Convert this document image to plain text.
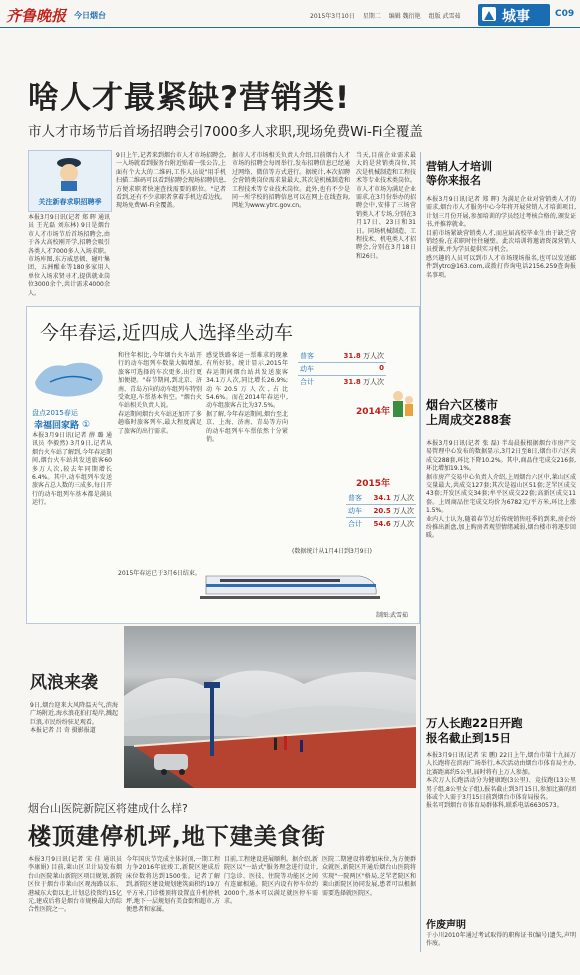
齐鲁晚报 今日烟台	2015年3月10日 星期二 编辑 魏衍艳 组版 武雪茹	城事	C09
啥人才最紧缺?营销类!
市人才市场节后首场招聘会引7000多人求职,现场免费Wi-Fi全覆盖
关注新春求职招聘季
本报3月9日讯(记者 郑 晖 通讯员 王光磊 刘东林) 9日是烟台市人才市场节后首场招聘会,由于各大高校刚开学,招聘会吸引各类人才7000多人入场求职。市场库图,东方威思顿、碰叶集团、五洲醒业等180多家用人单位入场求贤寻才,提供就业岗位3000余个,共计需求4000余人。
9日上午,记者来到烟台市人才市场招聘会,一入场就看到服务台附近贴着一张公告,上面有个大大的二维码,工作人员说"用手机扫描二维码可以看到招聘会现场招聘信息,方便求职者快速查找需要的职位。"记者看到,还有不少求职者拿着手机边看边找。现场免费Wi-Fi全覆盖。
据市人才市场相关负责人介绍,目前烟台人才市场的招聘会每周举行,发布招聘信息已经通过网络、微信等方式进行。据统计,本次招聘会营销类岗位需求量最大,其次是机械制造和工程技术等专业技术岗位。此外,也有不少是同一所学校的招聘信息可以在网上在线查询,网址为www.ytrc.gov.cn。
当天,目前企业需求最大的是营销类岗位,其次是机械制造和工程技术等专业技术类岗位。市人才市场为满足企业需求,在3月份举办的招聘会中,安排了三场营销类人才专场,分别在3月17日、23日和31日。同场机械制造、工程技术、机电类人才招聘会,分别在3月18日和26日。
营销人才培训
等你来报名
本报3月9日讯(记者 郑 晖) 为满足企业对营销类人才的需求,烟台市人才服务中心今年将开展营销人才培训项目,计划三月份开展,参加培训的学员经过考核合格的,颁发证书,并推荐就业。
目前市场紧缺营销类人才,而应届高校毕业生由于缺乏营销经验,在求职时往往碰壁。此次培训将邀请资深营销人员授课,并为学员提供实习机会。
感兴趣的人员可以到市人才市场现场报名,也可以发送邮件到ytrc@163.com,或拨打咨询电话2156.259查询报名事项。
烟台六区楼市
上周成交288套
本报3月9日讯(记者 张 磊) 半岛晨报根据烟台市房产交易管理中心发布的数据显示,3月2日至8日,烟台市六区共成交288套,环比下降10.2%。其中,商品住宅成交216套,环比增加19.1%。
据市房产交易中心负责人介绍,上周烟台六区中,莱山区成交量最大,共成交127套;其次是福山区51套;芝罘区成交43套;开发区成交34套;牟平区成交22套;高新区成交11套。上周商品住宅成交均价为6782元/平方米,环比上涨1.5%。
业内人士认为,随着春节过后传统销售旺季的到来,房企纷纷推出新盘,加上购房者观望情绪减弱,烟台楼市将逐步回暖。
万人长跑22日开跑
报名截止到15日
本报3月9日讯(记者 宋 鹏) 22日上午,烟台市第十九届万人长跑将在滨海广场举行,本次活动由烟台市体育局主办,比赛距离约5公里,届时将有上万人参加。
本次万人长跑活动分为健康跑(3公里)、竞技跑(13公里男子组,8公里女子组),报名截止到3月15日,参加比赛的团体或个人需于3月15日前到烟台市体育局报名。
报名可到烟台市体育局群体科,联系电话6630573。
作废声明
于小川2010年通过考试取得的职称证书(编号)遗失,声明作废。
今年春运,近四成人选择坐动车
盘点2015春运
幸福回家路 ①
本报3月9日讯(记者 薛 璐 通讯员 李毅然) 3月9日,记者从烟台火车站了解到,今年春运期间,烟台火车站共发送旅客60多万人次,较去年同期增长6.4%。其中,动车组列车发送旅客占总人数的三成多,每日开行的动车组列车基本都是满员运行。
和往年相比,今年烟台火车站开行的动车组列车数量大幅增加,旅客可选择的车次更多,出行更加便捷。"春节期间,到北京、济南、青岛方向的动车组列车特别受欢迎,车票基本售空。"烟台火车站相关负责人说。
春运期间烟台火车站还加开了多趟临时旅客列车,最大程度满足了旅客的出行需求。
感觉铁路客运一票难求的现象有所好转。统计显示,2015年春运期间烟台站共发送旅客34.1万人次,同比增长26.9%;动车20.5万人次,占比54.6%。而在2014年春运中,动车组旅客占比为37.5%。
据了解,今年春运期间,烟台至北京、上海、济南、青岛等方向的动车组列车车票依然十分紧俏。
2015年春运已于3月6日结束。
普客	31.8 万人次
动车	0
合计	31.8 万人次
2014年
2015年
普客 34.1 万人次
动车 20.5 万人次
合计 54.6 万人次
(数据统计从1月4日到3月9日)
制图:武雪茹
风浪来袭
9日,烟台迎来大风降温天气,滨海广场附近,海水浪花拍打堤岸,溅起巨浪,市民纷纷驻足观看。
本报记者 吕 奇 摄影报道
烟台山医院新院区将建成什么样?
楼顶建停机坪,地下建美食街
本报3月9日讯(记者 宋 佳 通讯员 李康娟) 目前,莱山区卫计局发布烟台山医院莱山新院区项目规划,新院区位于烟台市莱山区观海路以东、港城东大街以北,计划总投资约15亿元,建成后将是烟台市规模最大的综合性医院之一。
今年国庆节完成主体封顶,一期工程力争2016年底竣工,新院区建成后床位数将达到1500张。记者了解到,新院区建设规划建筑面积约19万平方米,门诊楼顶将设置直升机停机坪,地下一层规划有美食街和超市,方便患者和家属。
目前,工程建设进展顺利。据介绍,新院区以"一站式"服务理念进行设计,门急诊、医技、住院等功能区之间有连廊相通。院区内设有停车位约2000个,基本可以满足就医停车需求。
医院二期建设将增加床位,为方便群众就医,新院区开通后烟台山医院将实现"一院两区"格局,芝罘老院区和莱山新院区协同发展,患者可以根据需要选择就医院区。
